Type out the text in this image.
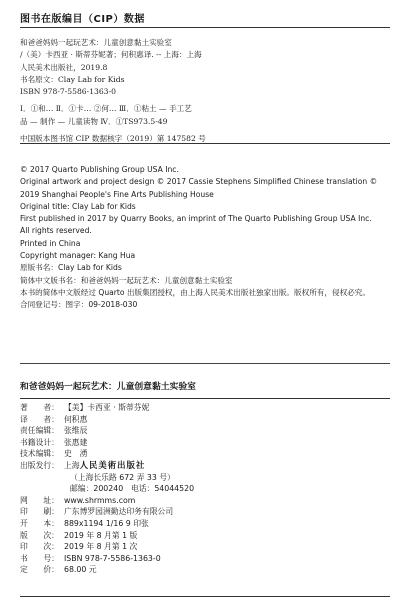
图书在版编目（CIP）数据
和爸爸妈妈一起玩艺术：儿童创意黏土实验室
/（美）卡西亚 · 斯蒂芬妮著；何积惠译. -- 上海：上海
人民美术出版社，2019.8
书名原文：Clay Lab for Kids
ISBN 978-7-5586-1363-0
Ⅰ．①和… Ⅱ．①卡… ②何… Ⅲ．①粘土 — 手工艺
品 — 制作 — 儿童读物 Ⅳ．①TS973.5-49
中国版本图书馆 CIP 数据核字（2019）第 147582 号
© 2017 Quarto Publishing Group USA Inc.
Original artwork and project design © 2017 Cassie Stephens Simplified Chinese translation ©
2019 Shanghai People's Fine Arts Publishing House
Original title: Clay Lab for Kids
First published in 2017 by Quarry Books, an imprint of The Quarto Publishing Group USA Inc.
All rights reserved.
Printed in China
Copyright manager: Kang Hua
原版书名：Clay Lab for Kids
简体中文版书名：和爸爸妈妈一起玩艺术：儿童创意黏土实验室
本书的简体中文版经过 Quarto 出版集团授权，由上海人民美术出版社独家出版。版权所有，侵权必究。
合同登记号：图字：09-2018-030
和爸爸妈妈一起玩艺术：儿童创意黏土实验室
著　　者： 【美】卡西亚 · 斯蒂芬妮
译　　者： 何积惠
责任编辑： 张维辰
书籍设计： 张惠建
技术编辑： 史　湧
出版发行： 上海人民美術出版社
（上海长乐路 672 弄 33 号）
邮编：200240　电话：54044520
网　　址： www.shrmms.com
印　　刷： 广东博罗园洲勤达印务有限公司
开　　本： 889x1194 1/16 9 印张
版　　次： 2019 年 8 月第 1 版
印　　次： 2019 年 8 月第 1 次
书　　号： ISBN 978-7-5586-1363-0
定　　价： 68.00 元
